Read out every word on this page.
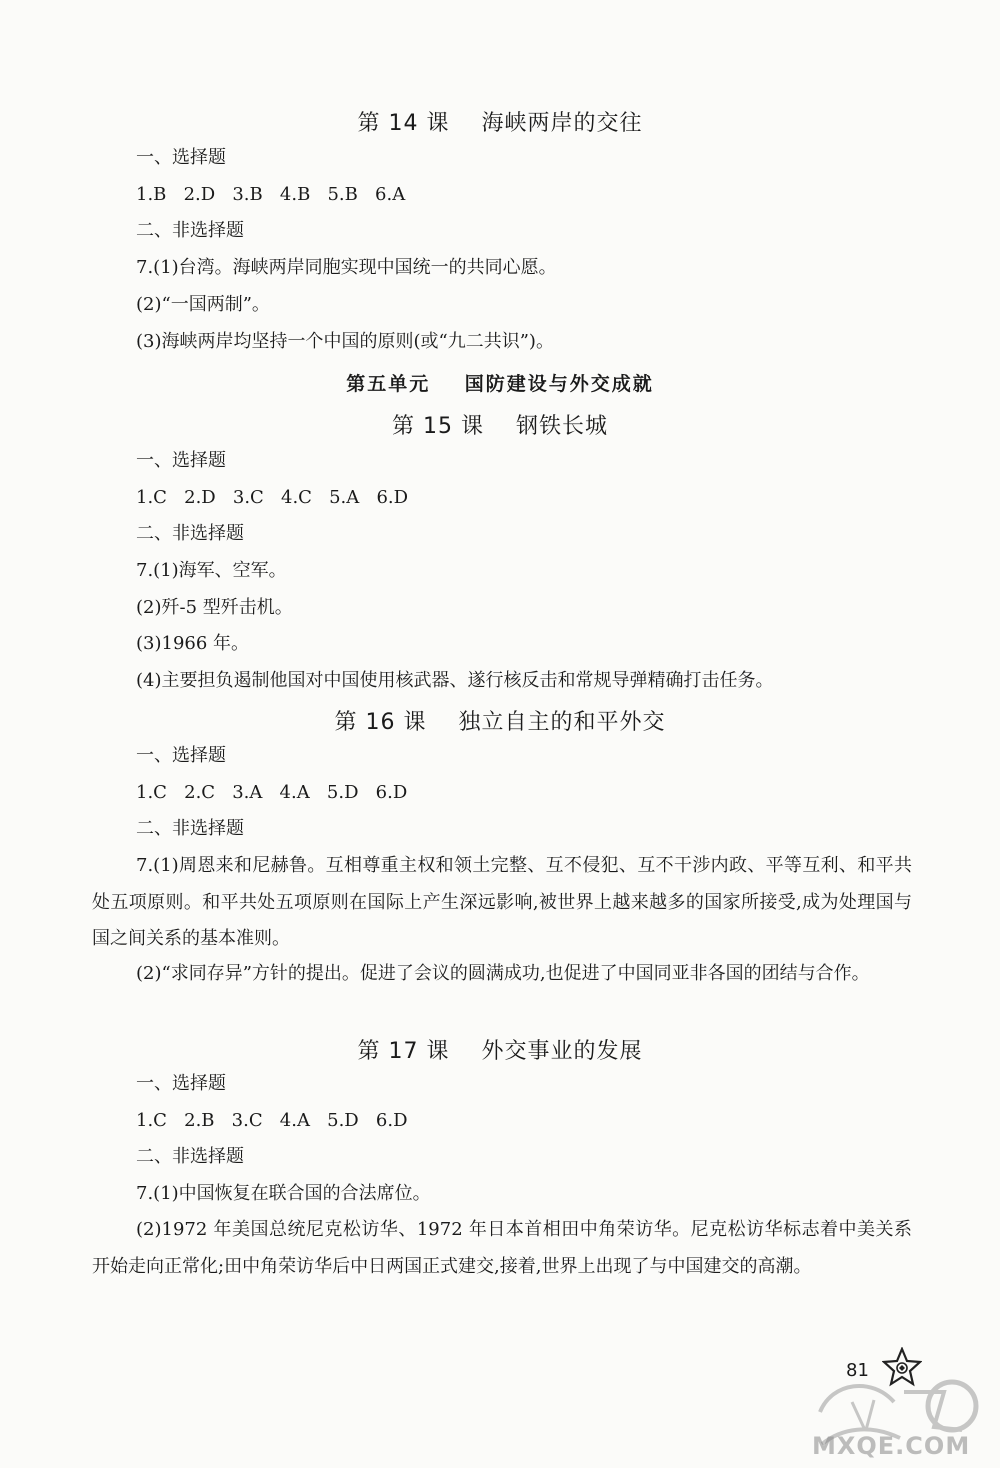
第 14 课    海峡两岸的交往
一、选择题
1.B   2.D   3.B   4.B   5.B   6.A
二、非选择题
7.(1)台湾。海峡两岸同胞实现中国统一的共同心愿。
(2)“一国两制”。
(3)海峡两岸均坚持一个中国的原则(或“九二共识”)。
第五单元    国防建设与外交成就
第 15 课    钢铁长城
一、选择题
1.C   2.D   3.C   4.C   5.A   6.D
二、非选择题
7.(1)海军、空军。
(2)歼-5 型歼击机。
(3)1966 年。
(4)主要担负遏制他国对中国使用核武器、遂行核反击和常规导弹精确打击任务。
第 16 课    独立自主的和平外交
一、选择题
1.C   2.C   3.A   4.A   5.D   6.D
二、非选择题
7.(1)周恩来和尼赫鲁。互相尊重主权和领土完整、互不侵犯、互不干涉内政、平等互利、和平共处五项原则。和平共处五项原则在国际上产生深远影响,被世界上越来越多的国家所接受,成为处理国与国之间关系的基本准则。
(2)“求同存异”方针的提出。促进了会议的圆满成功,也促进了中国同亚非各国的团结与合作。
第 17 课    外交事业的发展
一、选择题
1.C   2.B   3.C   4.A   5.D   6.D
二、非选择题
7.(1)中国恢复在联合国的合法席位。
(2)1972 年美国总统尼克松访华、1972 年日本首相田中角荣访华。尼克松访华标志着中美关系开始走向正常化;田中角荣访华后中日两国正式建交,接着,世界上出现了与中国建交的高潮。
81
MXQE.COM
